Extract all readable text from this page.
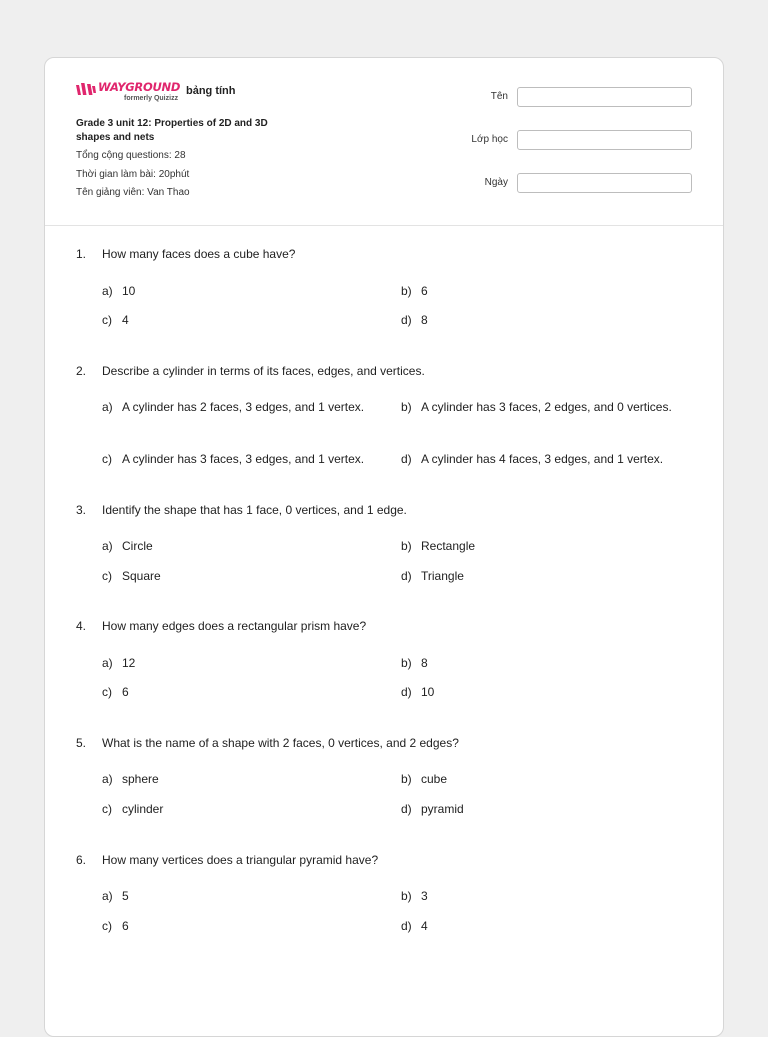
WAYGROUND
formerly Quizizz
bảng tính
Grade 3 unit 12: Properties of 2D and 3D shapes and nets
Tổng cộng questions: 28
Thời gian làm bài: 20phút
Tên giảng viên: Van Thao
Tên
Lớp học
Ngày
1. How many faces does a cube have?
a) 10	b) 6
c) 4	d) 8
2. Describe a cylinder in terms of its faces, edges, and vertices.
a) A cylinder has 2 faces, 3 edges, and 1 vertex.	b) A cylinder has 3 faces, 2 edges, and 0 vertices.
c) A cylinder has 3 faces, 3 edges, and 1 vertex.	d) A cylinder has 4 faces, 3 edges, and 1 vertex.
3. Identify the shape that has 1 face, 0 vertices, and 1 edge.
a) Circle	b) Rectangle
c) Square	d) Triangle
4. How many edges does a rectangular prism have?
a) 12	b) 8
c) 6	d) 10
5. What is the name of a shape with 2 faces, 0 vertices, and 2 edges?
a) sphere	b) cube
c) cylinder	d) pyramid
6. How many vertices does a triangular pyramid have?
a) 5	b) 3
c) 6	d) 4
